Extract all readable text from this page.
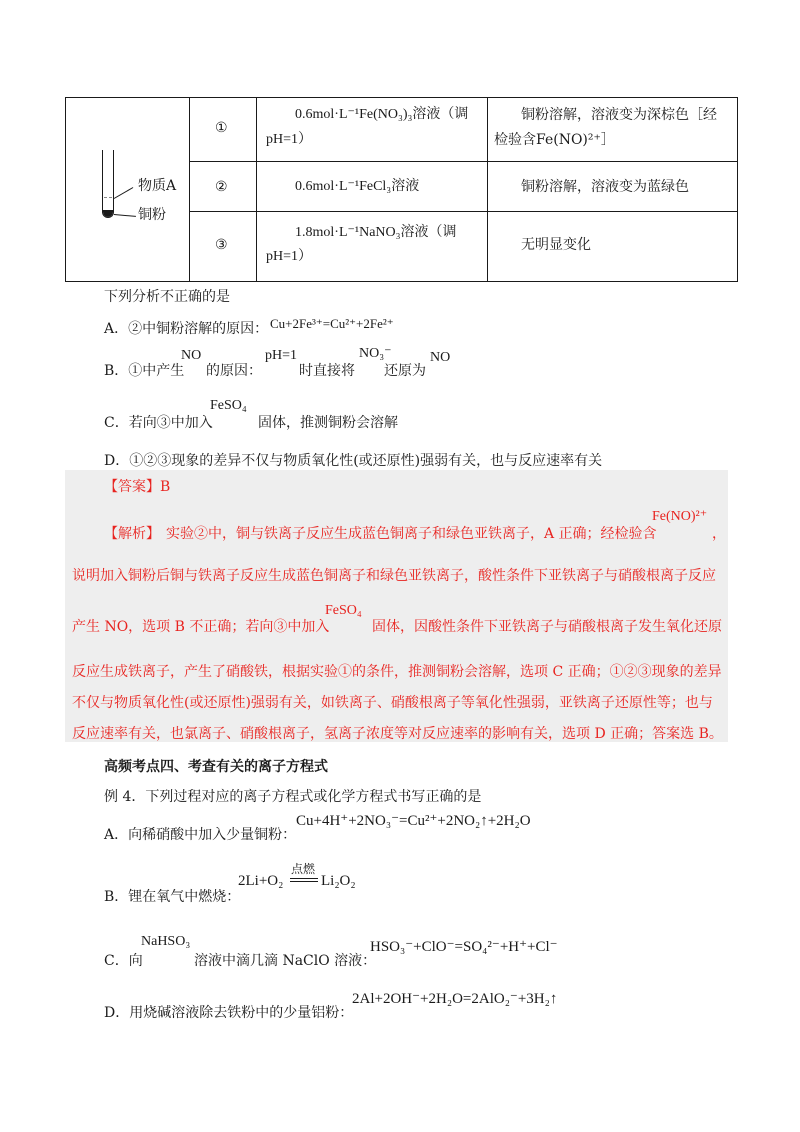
物质A
铜粉
①
0.6mol·L⁻¹Fe(NO₃)₃溶液（调
pH=1）
铜粉溶解，溶液变为深棕色［经
检验含Fe(NO)²⁺］
②	0.6mol·L⁻¹FeCl₃溶液	铜粉溶解，溶液变为蓝绿色
③
1.8mol·L⁻¹NaNO₃溶液（调
pH=1）
无明显变化
下列分析不正确的是
A．②中铜粉溶解的原因： Cu+2Fe³⁺=Cu²⁺+2Fe²⁺
B．①中产生
NO
的原因：
pH=1
时直接将
NO₃⁻
还原为
NO
C．若向③中加入
FeSO₄
固体，推测铜粉会溶解
D．①②③现象的差异不仅与物质氧化性(或还原性)强弱有关，也与反应速率有关
【答案】B
【解析】 实验②中，铜与铁离子反应生成蓝色铜离子和绿色亚铁离子，A 正确；经检验含
Fe(NO)²⁺
，
说明加入铜粉后铜与铁离子反应生成蓝色铜离子和绿色亚铁离子，酸性条件下亚铁离子与硝酸根离子反应
产生 NO，选项 B 不正确；若向③中加入
FeSO₄
固体，因酸性条件下亚铁离子与硝酸根离子发生氧化还原
反应生成铁离子，产生了硝酸铁，根据实验①的条件，推测铜粉会溶解，选项 C 正确；①②③现象的差异
不仅与物质氧化性(或还原性)强弱有关，如铁离子、硝酸根离子等氧化性强弱，亚铁离子还原性等；也与
反应速率有关，也氯离子、硝酸根离子，氢离子浓度等对反应速率的影响有关，选项 D 正确；答案选 B。
高频考点四、考查有关的离子方程式
例 4．下列过程对应的离子方程式或化学方程式书写正确的是
A．向稀硝酸中加入少量铜粉：
Cu+4H⁺+2NO₃⁻=Cu²⁺+2NO₂↑+2H₂O
B．锂在氧气中燃烧：
2Li+O₂
点燃
Li₂O₂
C．向
NaHSO₃
溶液中滴几滴 NaClO 溶液：
HSO₃⁻+ClO⁻=SO₄²⁻+H⁺+Cl⁻
D．用烧碱溶液除去铁粉中的少量铝粉：
2Al+2OH⁻+2H₂O=2AlO₂⁻+3H₂↑
